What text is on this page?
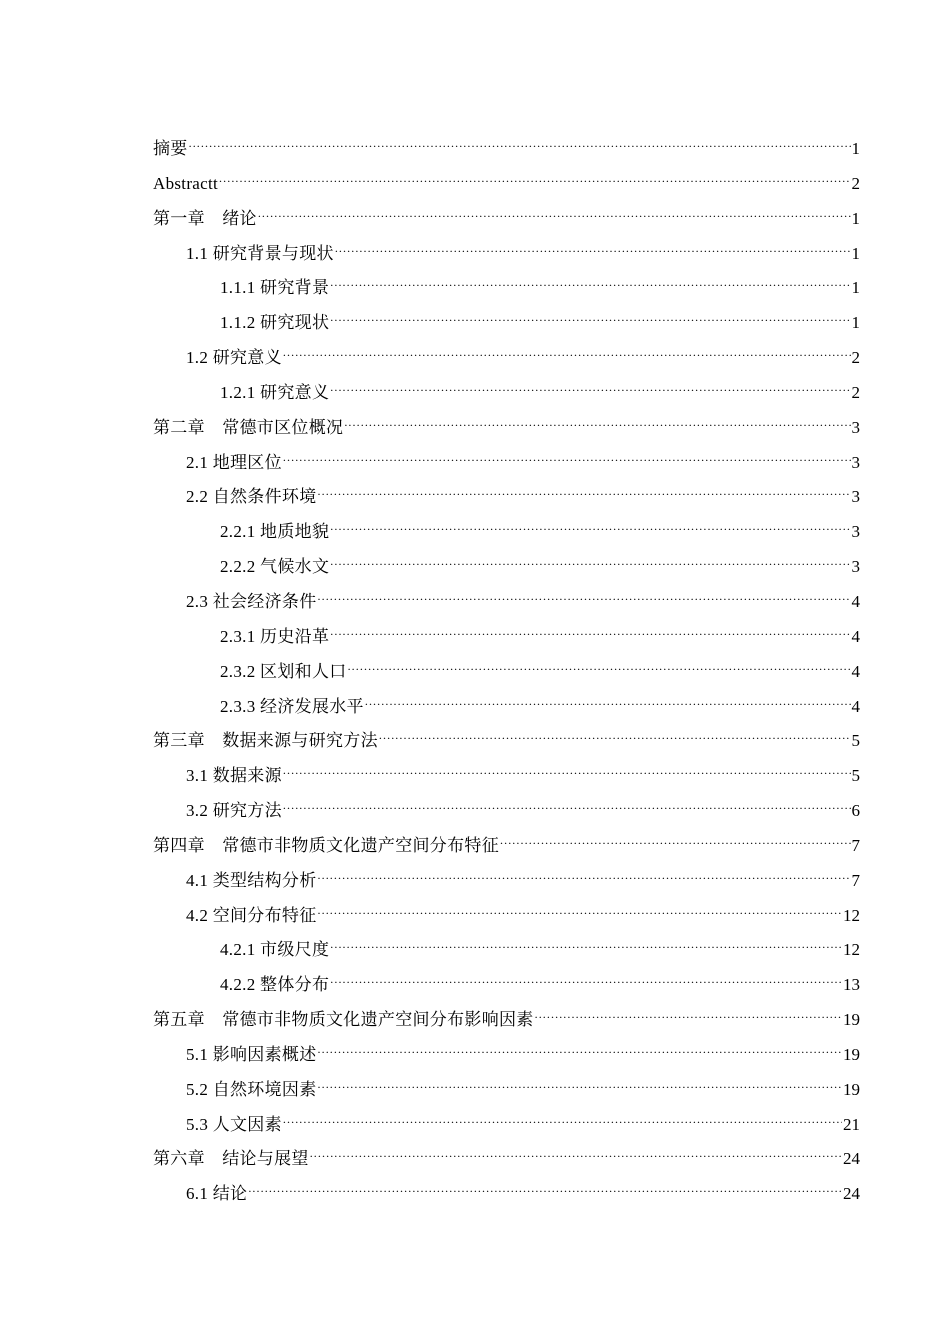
摘要 . . .	1
Abstractt . . .	2
第一章　绪论 . . .	1
1.1 研究背景与现状 . . .	1
1.1.1 研究背景 . . .	1
1.1.2 研究现状 . . .	1
1.2 研究意义 . . .	2
1.2.1 研究意义 . . .	2
第二章　常德市区位概况 . . .	3
2.1 地理区位 . . .	3
2.2 自然条件环境 . . .	3
2.2.1 地质地貌 . . .	3
2.2.2 气候水文 . . .	3
2.3 社会经济条件 . . .	4
2.3.1 历史沿革 . . .	4
2.3.2 区划和人口 . . .	4
2.3.3 经济发展水平 . . .	4
第三章　数据来源与研究方法 . . .	5
3.1 数据来源 . . .	5
3.2 研究方法 . . .	6
第四章　常德市非物质文化遗产空间分布特征 . . .	7
4.1 类型结构分析 . . .	7
4.2 空间分布特征 . . .	12
4.2.1 市级尺度 . . .	12
4.2.2 整体分布 . . .	13
第五章　常德市非物质文化遗产空间分布影响因素 . . .	19
5.1 影响因素概述 . . .	19
5.2 自然环境因素 . . .	19
5.3 人文因素 . . .	21
第六章　结论与展望 . . .	24
6.1 结论 . . .	24
